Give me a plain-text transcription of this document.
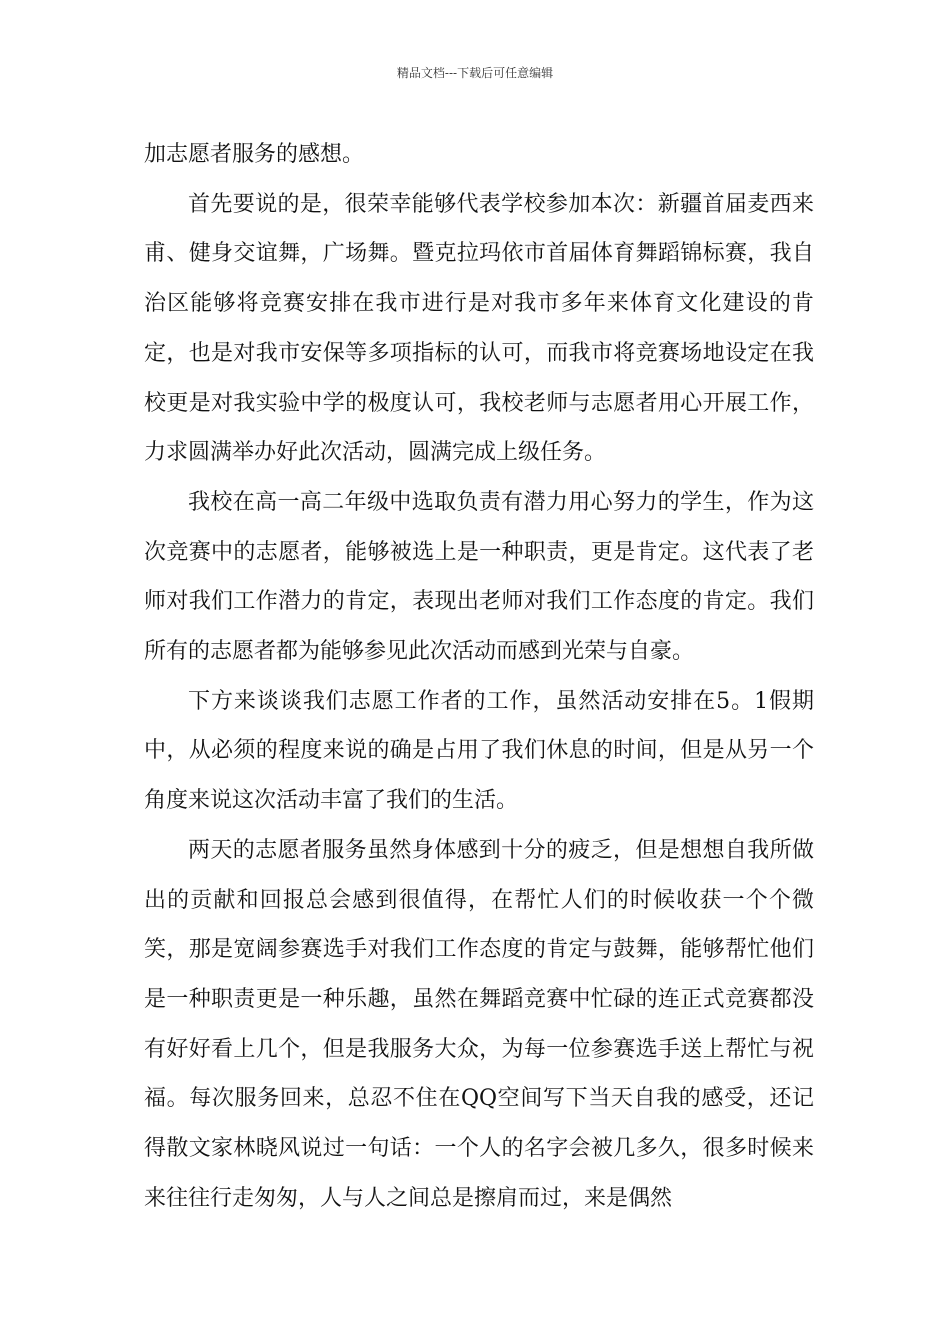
精品文档---下载后可任意编辑

加志愿者服务的感想。

首先要说的是，很荣幸能够代表学校参加本次：新疆首届麦西来甫、健身交谊舞，广场舞。暨克拉玛依市首届体育舞蹈锦标赛，我自治区能够将竞赛安排在我市进行是对我市多年来体育文化建设的肯定，也是对我市安保等多项指标的认可，而我市将竞赛场地设定在我校更是对我实验中学的极度认可，我校老师与志愿者用心开展工作，力求圆满举办好此次活动，圆满完成上级任务。

我校在高一高二年级中选取负责有潜力用心努力的学生，作为这次竞赛中的志愿者，能够被选上是一种职责，更是肯定。这代表了老师对我们工作潜力的肯定，表现出老师对我们工作态度的肯定。我们所有的志愿者都为能够参见此次活动而感到光荣与自豪。

下方来谈谈我们志愿工作者的工作，虽然活动安排在5。1假期中，从必须的程度来说的确是占用了我们休息的时间，但是从另一个角度来说这次活动丰富了我们的生活。

两天的志愿者服务虽然身体感到十分的疲乏，但是想想自我所做出的贡献和回报总会感到很值得，在帮忙人们的时候收获一个个微笑，那是宽阔参赛选手对我们工作态度的肯定与鼓舞，能够帮忙他们是一种职责更是一种乐趣，虽然在舞蹈竞赛中忙碌的连正式竞赛都没有好好看上几个，但是我服务大众，为每一位参赛选手送上帮忙与祝福。每次服务回来，总忍不住在QQ空间写下当天自我的感受，还记得散文家林晓风说过一句话：一个人的名字会被几多久，很多时候来来往往行走匆匆，人与人之间总是擦肩而过，来是偶然
